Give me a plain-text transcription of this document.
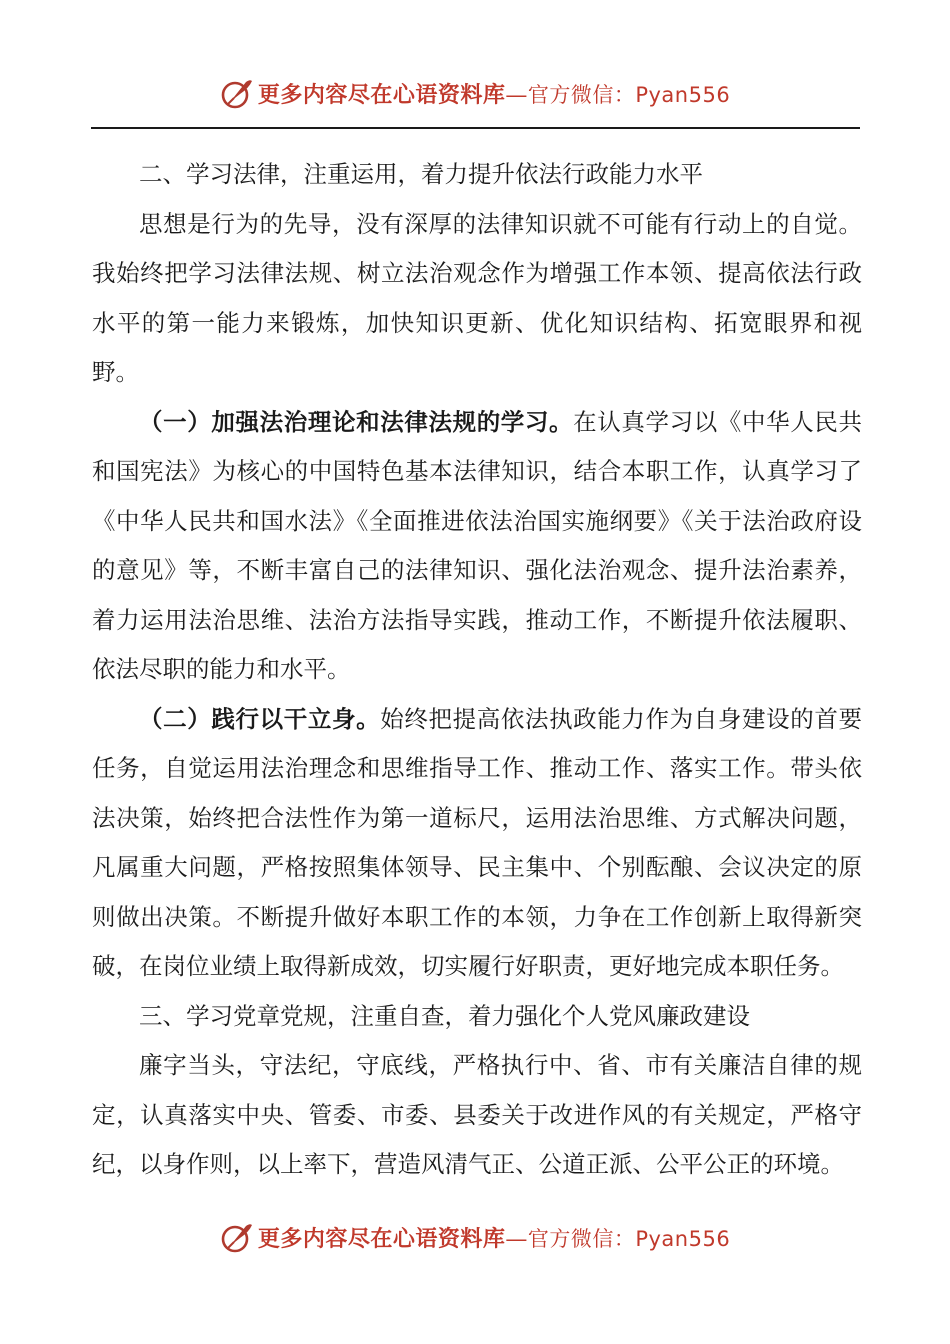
更多内容尽在心语资料库—官方微信：Pyan556

二、学习法律，注重运用，着力提升依法行政能力水平

思想是行为的先导，没有深厚的法律知识就不可能有行动上的自觉。我始终把学习法律法规、树立法治观念作为增强工作本领、提高依法行政水平的第一能力来锻炼，加快知识更新、优化知识结构、拓宽眼界和视野。

（一）加强法治理论和法律法规的学习。在认真学习以《中华人民共和国宪法》为核心的中国特色基本法律知识，结合本职工作，认真学习了《中华人民共和国水法》《全面推进依法治国实施纲要》《关于法治政府设的意见》等，不断丰富自己的法律知识、强化法治观念、提升法治素养，着力运用法治思维、法治方法指导实践，推动工作，不断提升依法履职、依法尽职的能力和水平。

（二）践行以干立身。始终把提高依法执政能力作为自身建设的首要任务，自觉运用法治理念和思维指导工作、推动工作、落实工作。带头依法决策，始终把合法性作为第一道标尺，运用法治思维、方式解决问题，凡属重大问题，严格按照集体领导、民主集中、个别酝酿、会议决定的原则做出决策。不断提升做好本职工作的本领，力争在工作创新上取得新突破，在岗位业绩上取得新成效，切实履行好职责，更好地完成本职任务。

三、学习党章党规，注重自查，着力强化个人党风廉政建设

廉字当头，守法纪，守底线，严格执行中、省、市有关廉洁自律的规定，认真落实中央、管委、市委、县委关于改进作风的有关规定，严格守纪，以身作则，以上率下，营造风清气正、公道正派、公平公正的环境。

更多内容尽在心语资料库—官方微信：Pyan556
